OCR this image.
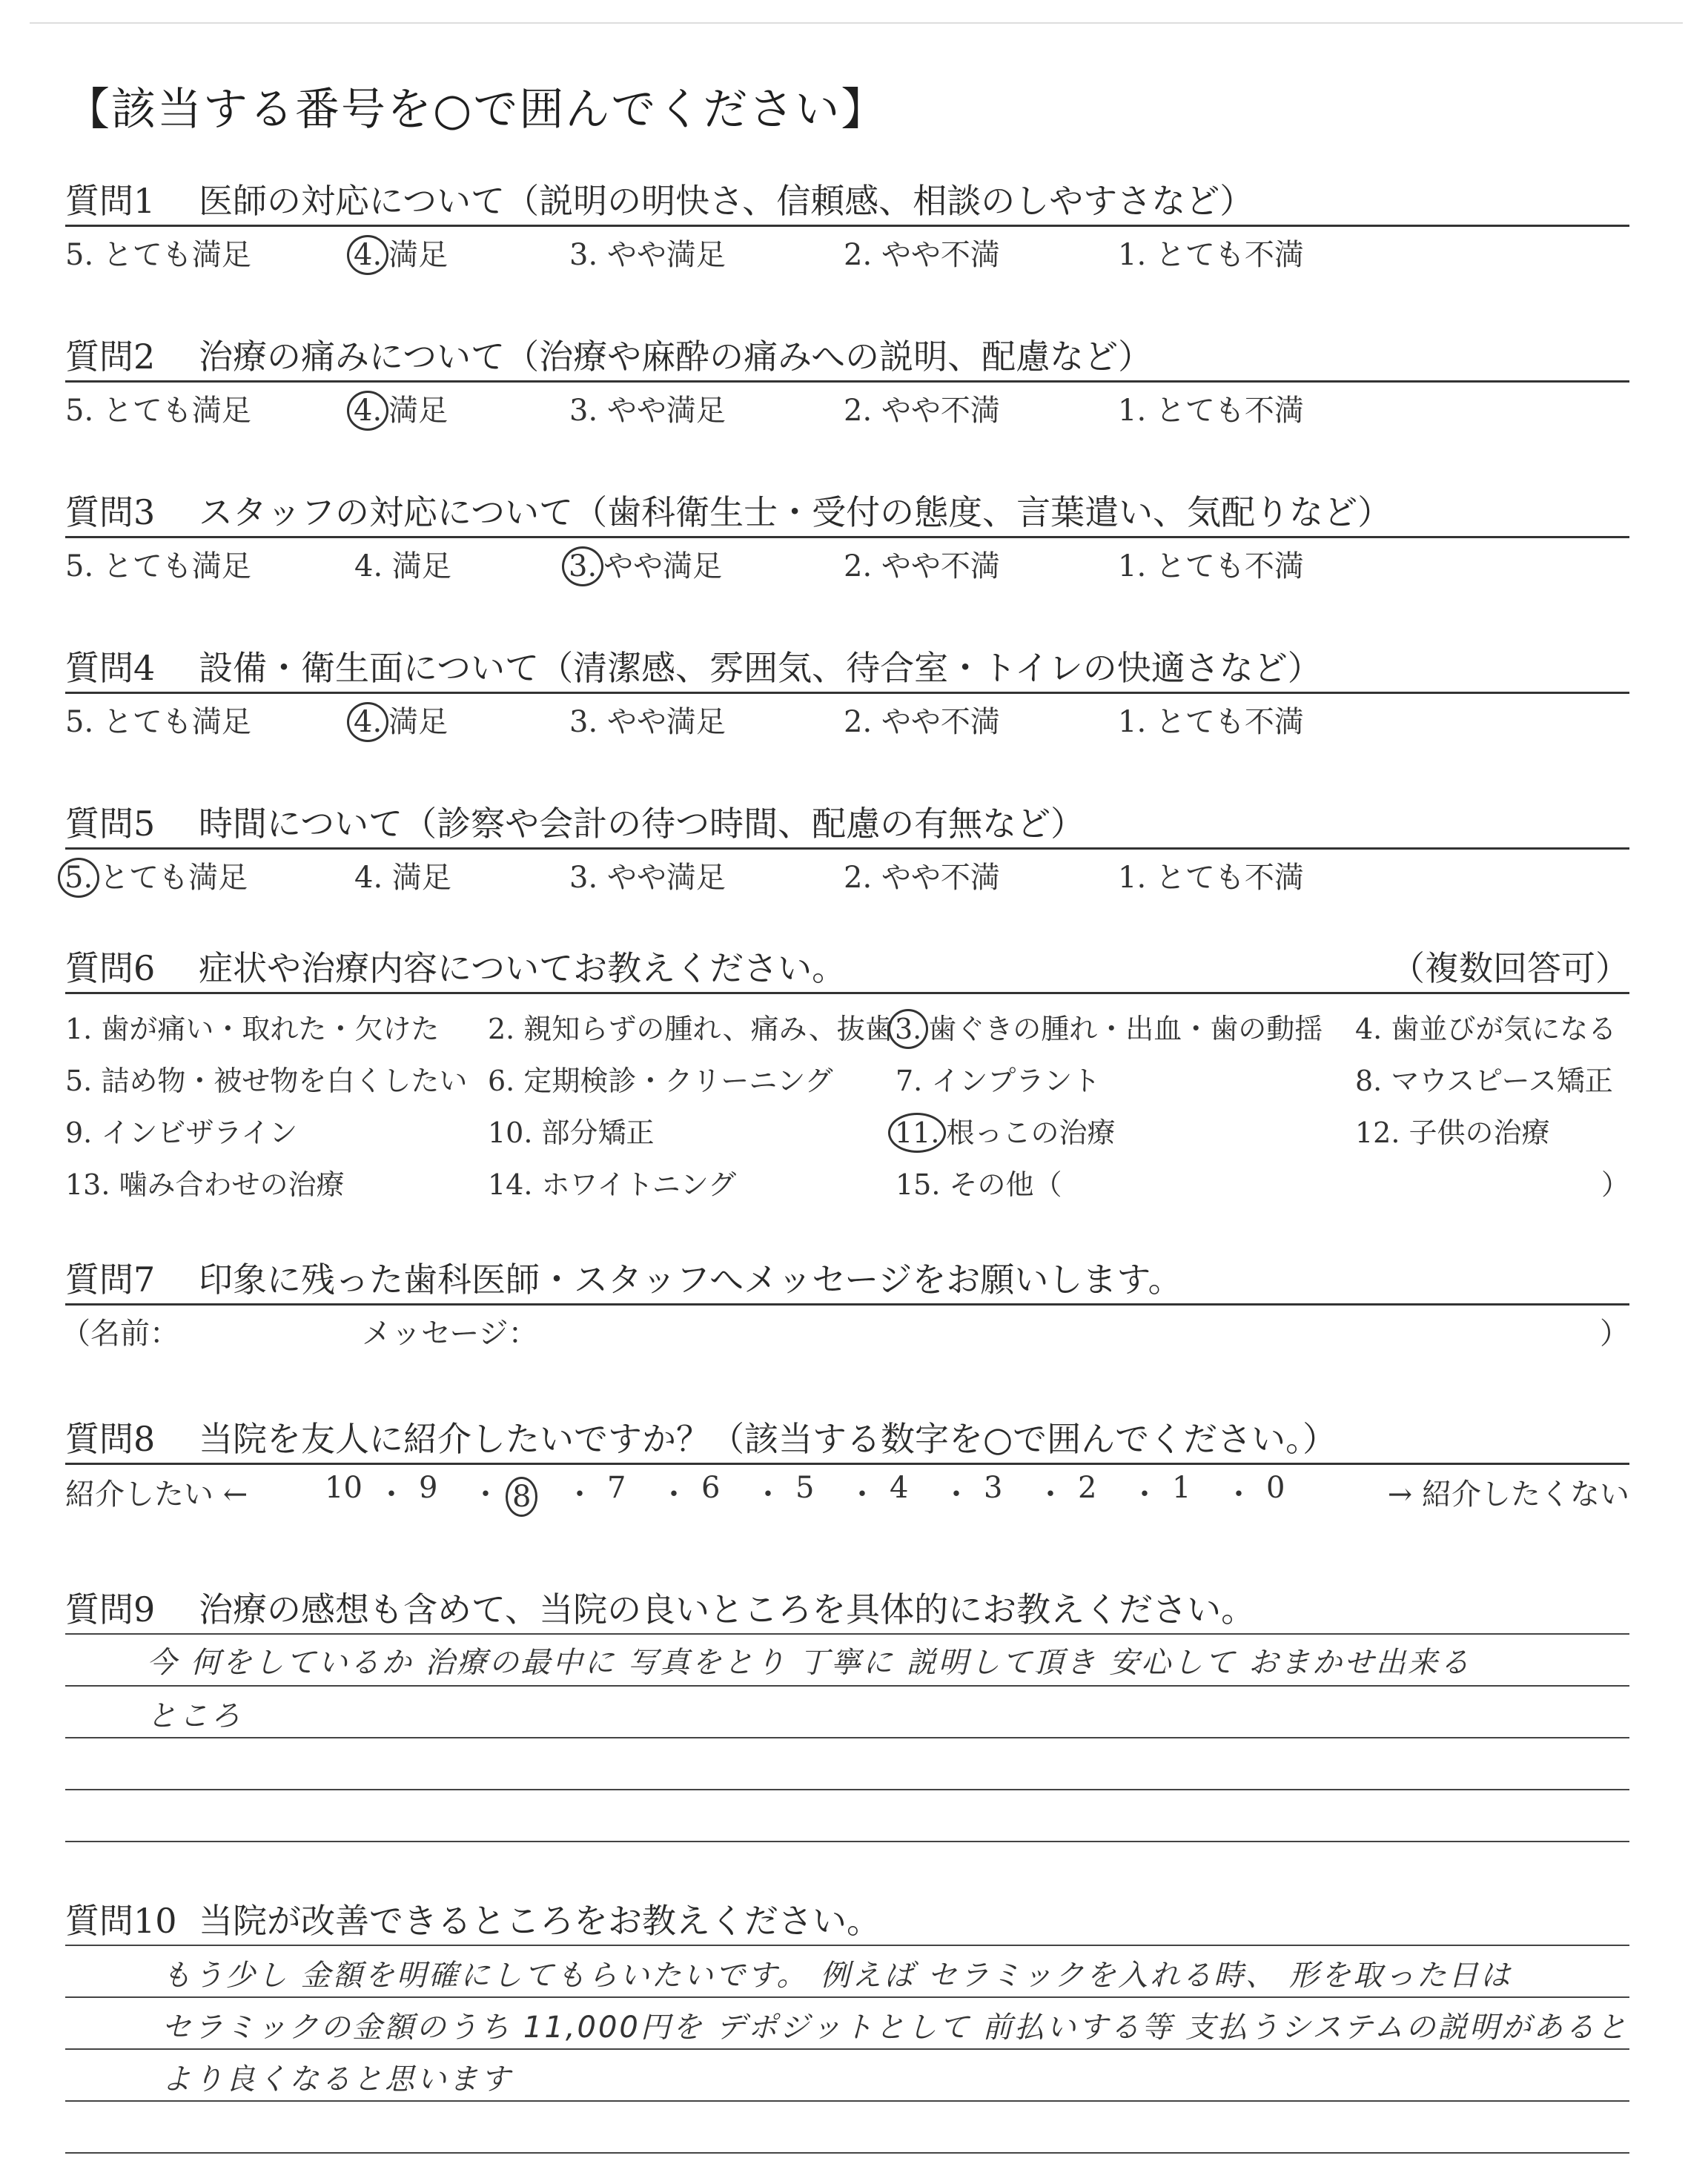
【該当する番号を○で囲んでください】
質問1 医師の対応について（説明の明快さ、信頼感、相談のしやすさなど）
5. とても満足	4. 満足	3. やや満足	2. やや不満	1. とても不満
質問2 治療の痛みについて（治療や麻酔の痛みへの説明、配慮など）
5. とても満足	4. 満足	3. やや満足	2. やや不満	1. とても不満
質問3 スタッフの対応について（歯科衛生士・受付の態度、言葉遣い、気配りなど）
5. とても満足	4. 満足	3. やや満足	2. やや不満	1. とても不満
質問4 設備・衛生面について（清潔感、雰囲気、待合室・トイレの快適さなど）
5. とても満足	4. 満足	3. やや満足	2. やや不満	1. とても不満
質問5 時間について（診察や会計の待つ時間、配慮の有無など）
5. とても満足	4. 満足	3. やや満足	2. やや不満	1. とても不満
質問6 症状や治療内容についてお教えください。	（複数回答可）
1. 歯が痛い・取れた・欠けた 2. 親知らずの腫れ、痛み、抜歯 3. 歯ぐきの腫れ・出血・歯の動揺 4. 歯並びが気になる
5. 詰め物・被せ物を白くしたい 6. 定期検診・クリーニング 7. インプラント	8. マウスピース矯正
9. インビザライン	10. 部分矯正	11. 根っこの治療	12. 子供の治療
13. 噛み合わせの治療	14. ホワイトニング	15. その他（	）
質問7 印象に残った歯科医師・スタッフへメッセージをお願いします。
（名前：	メッセージ：	）
質問8 当院を友人に紹介したいですか？（該当する数字を○で囲んでください。）
紹介したい ←	→ 紹介したくない
10 ・ 9 ・ 8 ・ 7 ・ 6 ・ 5 ・ 4 ・ 3 ・ 2 ・ 1 ・ 0
質問9 治療の感想も含めて、当院の良いところを具体的にお教えください。
今 何をしているか 治療の最中に 写真をとり 丁寧に 説明して頂き 安心して おまかせ出来る
ところ
質問10 当院が改善できるところをお教えください。
もう少し 金額を明確にしてもらいたいです。 例えば セラミックを入れる時、 形を取った日は
セラミックの金額のうち 11,000円を デポジットとして 前払いする等 支払うシステムの説明があると
より良くなると思います
